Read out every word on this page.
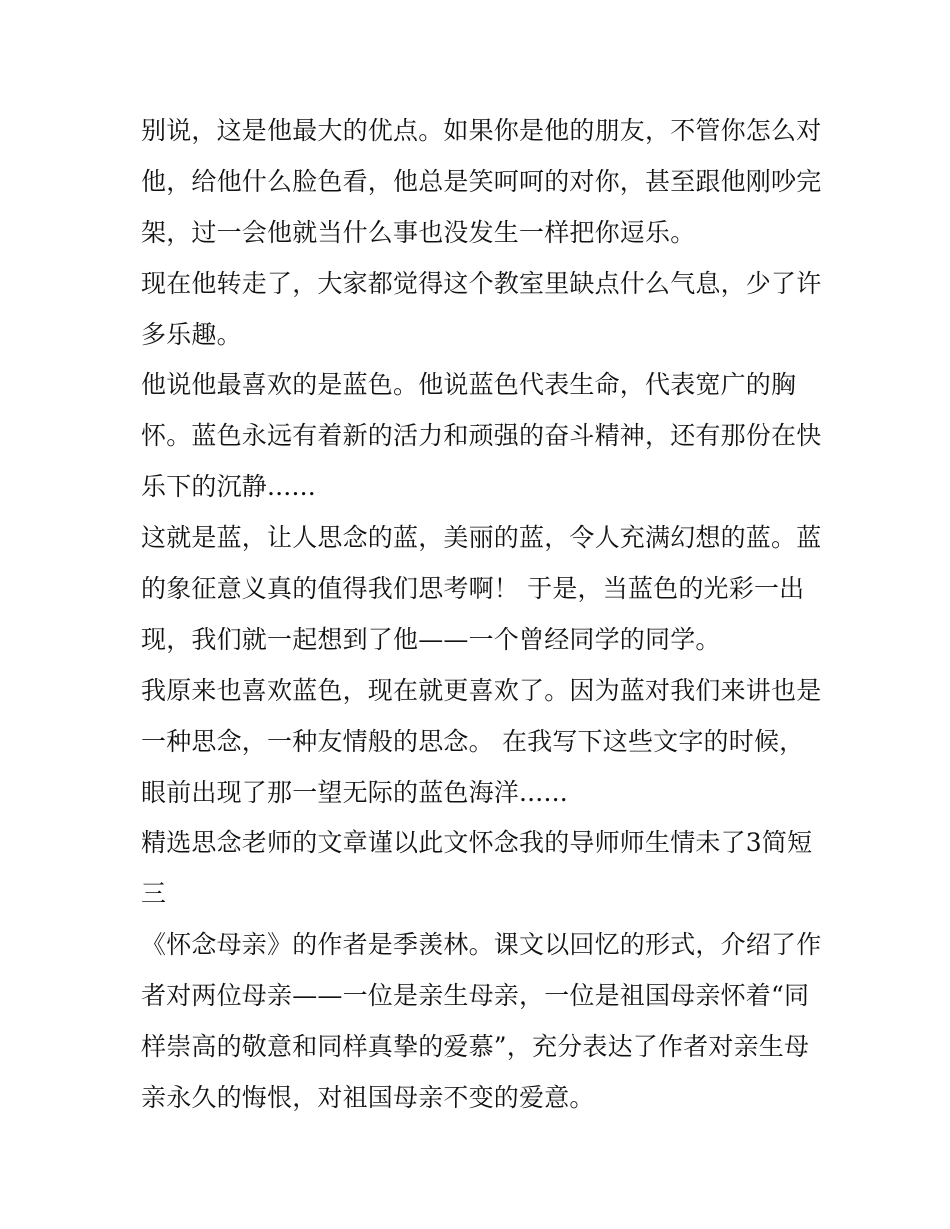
别说，这是他最大的优点。如果你是他的朋友，不管你怎么对
他，给他什么脸色看，他总是笑呵呵的对你，甚至跟他刚吵完
架，过一会他就当什么事也没发生一样把你逗乐。
现在他转走了，大家都觉得这个教室里缺点什么气息，少了许
多乐趣。
他说他最喜欢的是蓝色。他说蓝色代表生命，代表宽广的胸
怀。蓝色永远有着新的活力和顽强的奋斗精神，还有那份在快
乐下的沉静......
这就是蓝，让人思念的蓝，美丽的蓝，令人充满幻想的蓝。蓝
的象征意义真的值得我们思考啊！ 于是，当蓝色的光彩一出
现，我们就一起想到了他——一个曾经同学的同学。
我原来也喜欢蓝色，现在就更喜欢了。因为蓝对我们来讲也是
一种思念，一种友情般的思念。 在我写下这些文字的时候，
眼前出现了那一望无际的蓝色海洋......
精选思念老师的文章谨以此文怀念我的导师师生情未了3简短
三
《怀念母亲》的作者是季羡林。课文以回忆的形式，介绍了作
者对两位母亲——一位是亲生母亲，一位是祖国母亲怀着“同
样崇高的敬意和同样真挚的爱慕”，充分表达了作者对亲生母
亲永久的悔恨，对祖国母亲不变的爱意。
